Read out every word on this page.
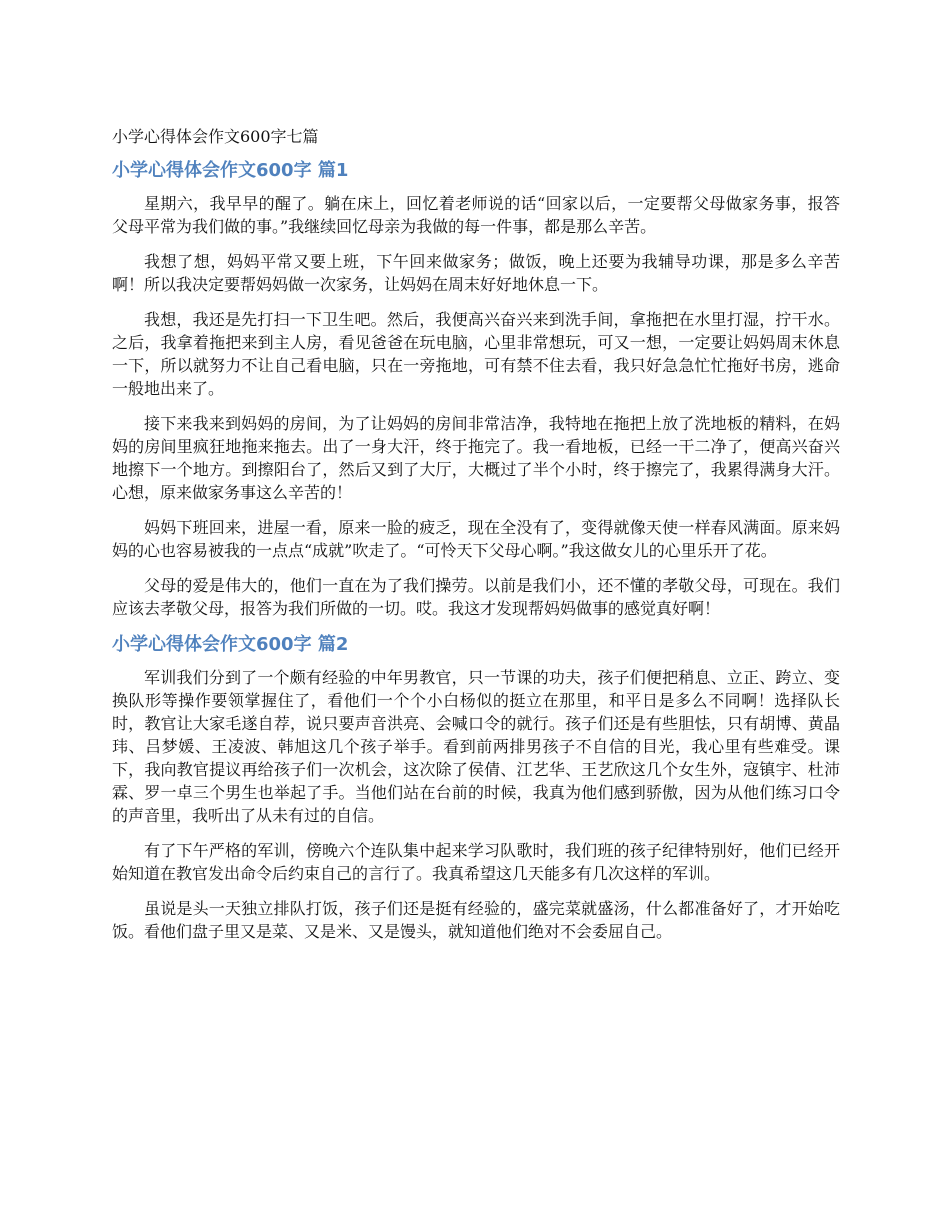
小学心得体会作文600字七篇
小学心得体会作文600字 篇1

星期六，我早早的醒了。躺在床上，回忆着老师说的话“回家以后，一定要帮父母做家务事，报答父母平常为我们做的事。”我继续回忆母亲为我做的每一件事，都是那么辛苦。

我想了想，妈妈平常又要上班，下午回来做家务；做饭，晚上还要为我辅导功课，那是多么辛苦啊！所以我决定要帮妈妈做一次家务，让妈妈在周末好好地休息一下。

我想，我还是先打扫一下卫生吧。然后，我便高兴奋兴来到洗手间，拿拖把在水里打湿，拧干水。之后，我拿着拖把来到主人房，看见爸爸在玩电脑，心里非常想玩，可又一想，一定要让妈妈周末休息一下，所以就努力不让自己看电脑，只在一旁拖地，可有禁不住去看，我只好急急忙忙拖好书房，逃命一般地出来了。

接下来我来到妈妈的房间，为了让妈妈的房间非常洁净，我特地在拖把上放了洗地板的精料，在妈妈的房间里疯狂地拖来拖去。出了一身大汗，终于拖完了。我一看地板，已经一干二净了，便高兴奋兴地擦下一个地方。到擦阳台了，然后又到了大厅，大概过了半个小时，终于擦完了，我累得满身大汗。心想，原来做家务事这么辛苦的！

妈妈下班回来，进屋一看，原来一脸的疲乏，现在全没有了，变得就像天使一样春风满面。原来妈妈的心也容易被我的一点点“成就”吹走了。“可怜天下父母心啊。”我这做女儿的心里乐开了花。

父母的爱是伟大的，他们一直在为了我们操劳。以前是我们小，还不懂的孝敬父母，可现在。我们应该去孝敬父母，报答为我们所做的一切。哎。我这才发现帮妈妈做事的感觉真好啊！

小学心得体会作文600字 篇2

军训我们分到了一个颇有经验的中年男教官，只一节课的功夫，孩子们便把稍息、立正、跨立、变换队形等操作要领掌握住了，看他们一个个小白杨似的挺立在那里，和平日是多么不同啊！选择队长时，教官让大家毛遂自荐，说只要声音洪亮、会喊口令的就行。孩子们还是有些胆怯，只有胡博、黄晶玮、吕梦媛、王凌波、韩旭这几个孩子举手。看到前两排男孩子不自信的目光，我心里有些难受。课下，我向教官提议再给孩子们一次机会，这次除了侯倩、江艺华、王艺欣这几个女生外，寇镇宇、杜沛霖、罗一卓三个男生也举起了手。当他们站在台前的时候，我真为他们感到骄傲，因为从他们练习口令的声音里，我听出了从未有过的自信。

有了下午严格的军训，傍晚六个连队集中起来学习队歌时，我们班的孩子纪律特别好，他们已经开始知道在教官发出命令后约束自己的言行了。我真希望这几天能多有几次这样的军训。

虽说是头一天独立排队打饭，孩子们还是挺有经验的，盛完菜就盛汤，什么都准备好了，才开始吃饭。看他们盘子里又是菜、又是米、又是馒头，就知道他们绝对不会委屈自己。
